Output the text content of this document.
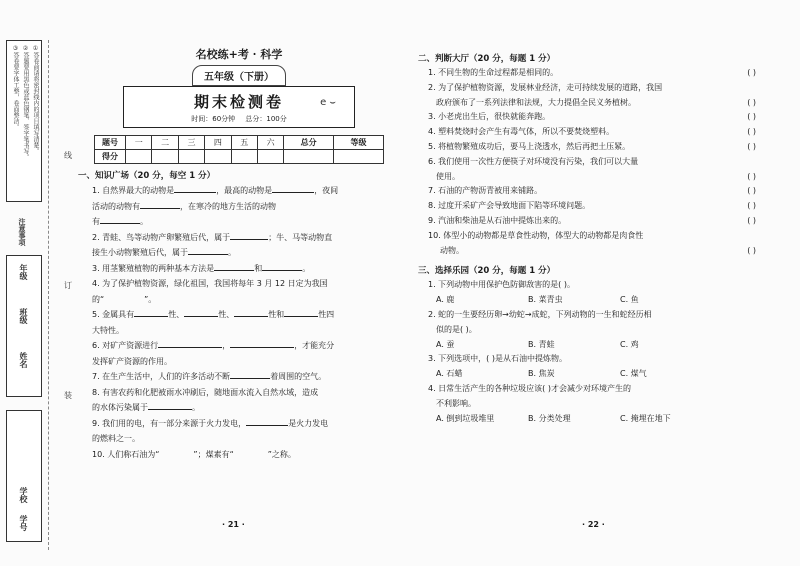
①答卷前请将密封线内的项目填写清楚。
②答题要用黑色或蓝色钢笔、签字笔书写。
③答卷要字体工整，卷面整洁。
注意事项
年级
班级
姓名
学校
学号
线
订
装
名校练+考 · 科学
五年级（下册）
期末检测卷
时间：60分钟 总分：100分
e ⌣
题号	一	二	三	四	五	六	总分	等级
得分								
一、知识广场（20 分，每空 1 分）
1. 自然界最大的动物是	，最高的动物是	，夜间
活动的动物有	，在寒冷的地方生活的动物
有	。
2. 青蛙、鸟等动物产卵繁殖后代，属于	；牛、马等动物直
接生小动物繁殖后代，属于	。
3. 用茎繁殖植物的两种基本方法是	和	。
4. 为了保护植物资源，绿化祖国，我国将每年 3 月 12 日定为我国
的“	”。
5. 金属具有	性、	性、	性和	性四
大特性。
6. 对矿产资源进行	，	，才能充分
发挥矿产资源的作用。
7. 在生产生活中，人们的许多活动不断	着周围的空气。
8. 有害农药和化肥被雨水冲刷后，随地面水流入自然水域，造成
的水体污染属于	。
9. 我们用的电，有一部分来源于火力发电，	是火力发电
的燃料之一。
10. 人们称石油为“	”；煤素有“	”之称。
· 21 ·
二、判断大厅（20 分，每题 1 分）
1. 不同生物的生命过程都是相同的。	( )
2. 为了保护植物资源，发展林业经济，走可持续发展的道路，我国
政府颁布了一系列法律和法规，大力提倡全民义务植树。	( )
3. 小老虎出生后，很快就能奔跑。	( )
4. 塑料焚烧时会产生有毒气体，所以不要焚烧塑料。	( )
5. 将植物繁殖成功后，要马上浇透水，然后再把土压紧。	( )
6. 我们使用一次性方便筷子对环境没有污染，我们可以大量
使用。	( )
7. 石油的产物沥青被用来铺路。	( )
8. 过度开采矿产会导致地面下陷等环境问题。	( )
9. 汽油和柴油是从石油中提炼出来的。	( )
10. 体型小的动物都是草食性动物，体型大的动物都是肉食性
动物。	( )
三、选择乐园（20 分，每题 1 分）
1. 下列动物中用保护色防御敌害的是( )。
A. 鹿	B. 菜青虫	C. 鱼
2. 蛇的一生要经历卵→幼蛇→成蛇，下列动物的一生和蛇经历相
似的是( )。
A. 蚕	B. 青蛙	C. 鸡
3. 下列选项中，( )是从石油中提炼物。
A. 石蜡	B. 焦炭	C. 煤气
4. 日常生活产生的各种垃圾应该( )才会减少对环境产生的
不利影响。
A. 倒到垃圾堆里	B. 分类处理	C. 掩埋在地下
· 22 ·
